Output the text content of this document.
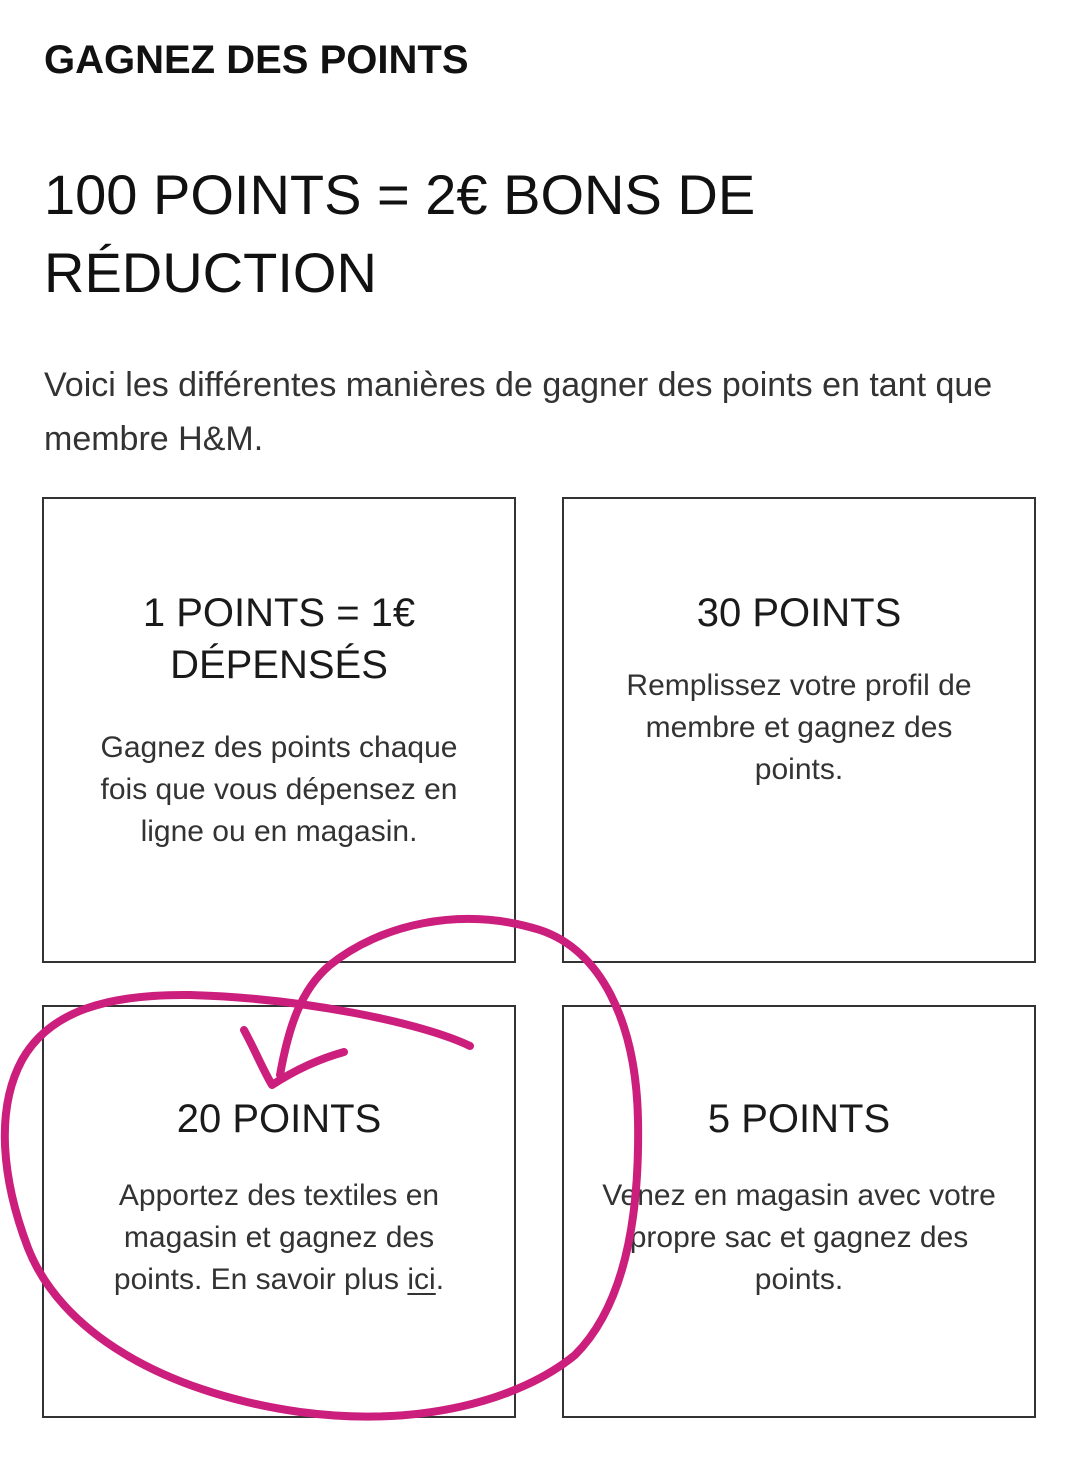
GAGNEZ DES POINTS
100 POINTS = 2€ BONS DE RÉDUCTION

Voici les différentes manières de gagner des points en tant que membre H&M.

1 POINTS = 1€ DÉPENSÉS

Gagnez des points chaque fois que vous dépensez en ligne ou en magasin.

30 POINTS

Remplissez votre profil de membre et gagnez des points.

20 POINTS

Apportez des textiles en magasin et gagnez des points. En savoir plus ici.

5 POINTS

Venez en magasin avec votre propre sac et gagnez des points.
